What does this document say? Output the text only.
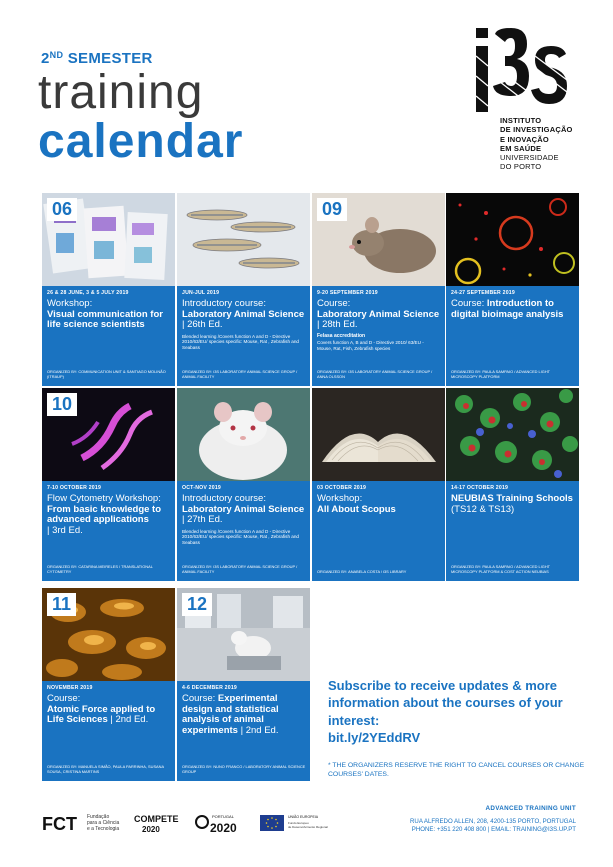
2ND SEMESTER
training
calendar	INSTITUTO
DE INVESTIGAÇÃO
E INOVAÇÃO
EM SAÚDE
UNIVERSIDADE
DO PORTO
06
26 & 28 JUNE, 3 & 5 JULY 2019
Workshop:
Visual communication for life science scientists
ORGANIZED BY: COMMUNICATION UNIT & SANTIAGO MOLINÃO (ITRAUP)
JUN-JUL 2019
Introductory course:
Laboratory Animal Science | 26th Ed.
Blended learning /Covers function A and D - Directive 2010/63/EU/ species specific: Mouse, Rat , Zebrafish and Seabass
ORGANIZED BY: i3S LABORATORY ANIMAL SCIENCE GROUP / ANIMAL FACILITY
09
9-20 SEPTEMBER 2019
Course:
Laboratory Animal Science | 28th Ed.
Felasa accreditation
Covers function A, B and D - Directive 2010/ 63/EU - Mouse, Rat, Fish, Zebrafish species
ORGANIZED BY: i3S LABORATORY ANIMAL SCIENCE GROUP / ANNA OLSSON
24-27 SEPTEMBER 2019
Course: Introduction to digital bioimage analysis
ORGANIZED BY: PAULA SAMPAIO / ADVANCED LIGHT MICROSCOPY PLATFORM
10
7-10 OCTOBER 2019
Flow Cytometry Workshop: From basic knowledge to advanced applications
| 3rd Ed.
ORGANIZED BY: CATARINA MEIRELES / TRANSLATIONAL CYTOMETRY
OCT-NOV 2019
Introductory course:
Laboratory Animal Science | 27th Ed.
Blended learning /Covers function A and D - Directive 2010/63/EU/ species specific: Mouse, Rat , Zebrafish and Seabass
ORGANIZED BY: i3S LABORATORY ANIMAL SCIENCE GROUP / ANIMAL FACILITY
03 OCTOBER 2019
Workshop:
All About Scopus
ORGANIZED BY: ANABELA COSTA / i3S LIBRARY
14-17 OCTOBER 2019
NEUBIAS Training Schools
(TS12 & TS13)
ORGANIZED BY: PAULA SAMPAIO / ADVANCED LIGHT MICROSCOPY PLATFORM & COST ACTION NEUBIAS
11
NOVEMBER 2019
Course:
Atomic Force applied to Life Sciences | 2nd Ed.
ORGANIZED BY: MANUELA SIMÃO, PAULA PARRINHA, SUSANA SOUSA, CRISTINA MARTINS
12
4-6 DECEMBER 2019
Course: Experimental design and statistical analysis of animal experiments | 2nd Ed.
ORGANIZED BY: NUNO FRANCO / LABORATORY ANIMAL SCIENCE GROUP
Subscribe to receive updates & more information about the courses of your interest:
bit.ly/2YEddRV
* THE ORGANIZERS RESERVE THE RIGHT TO CANCEL COURSES OR CHANGE COURSES' DATES.
FCT Fundação
para a Ciência
e a Tecnologia
COMPETE
2020
PORTUGAL
2020
UNIÃO EUROPEIA
Fundo Europeu
de Desenvolvimento Regional
ADVANCED TRAINING UNIT
RUA ALFREDO ALLEN, 208, 4200-135 PORTO, PORTUGAL
PHONE: +351 220 408 800 | EMAIL: TRAINING@I3S.UP.PT
